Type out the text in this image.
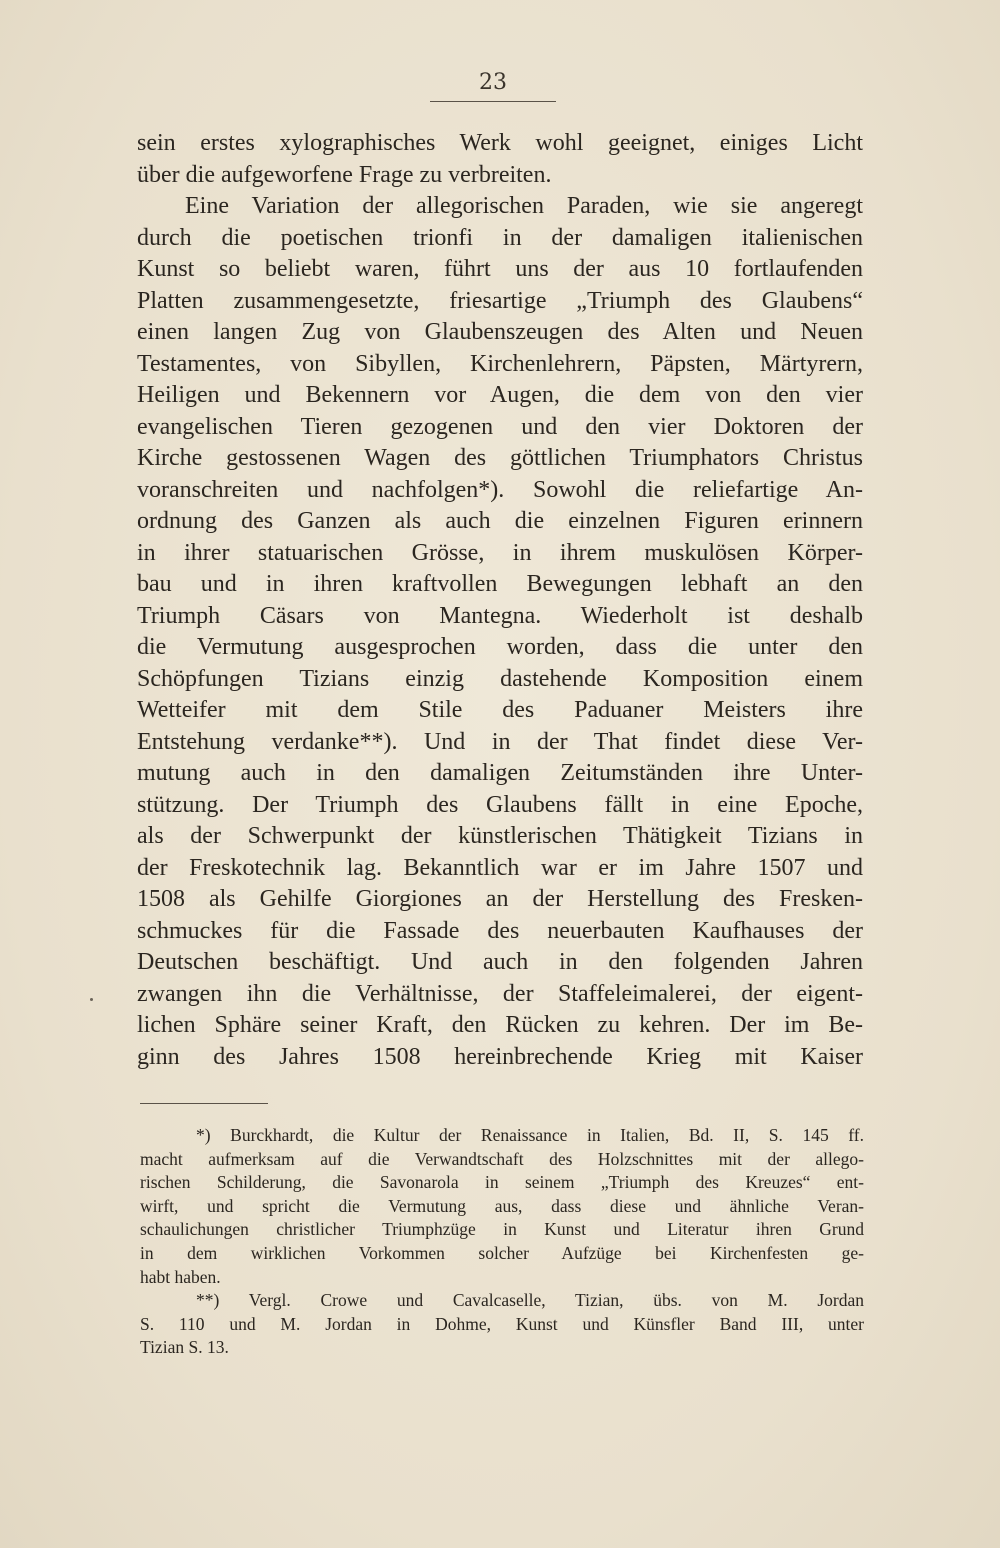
23
sein erstes xylographisches Werk wohl geeignet, einiges Licht
über die aufgeworfene Frage zu verbreiten.
Eine Variation der allegorischen Paraden, wie sie angeregt
durch die poetischen trionfi in der damaligen italienischen
Kunst so beliebt waren, führt uns der aus 10 fortlaufenden
Platten zusammengesetzte, friesartige „Triumph des Glaubens“
einen langen Zug von Glaubenszeugen des Alten und Neuen
Testamentes, von Sibyllen, Kirchenlehrern, Päpsten, Märtyrern,
Heiligen und Bekennern vor Augen, die dem von den vier
evangelischen Tieren gezogenen und den vier Doktoren der
Kirche gestossenen Wagen des göttlichen Triumphators Christus
voranschreiten und nachfolgen*). Sowohl die reliefartige An-
ordnung des Ganzen als auch die einzelnen Figuren erinnern
in ihrer statuarischen Grösse, in ihrem muskulösen Körper-
bau und in ihren kraftvollen Bewegungen lebhaft an den
Triumph Cäsars von Mantegna. Wiederholt ist deshalb
die Vermutung ausgesprochen worden, dass die unter den
Schöpfungen Tizians einzig dastehende Komposition einem
Wetteifer mit dem Stile des Paduaner Meisters ihre
Entstehung verdanke**). Und in der That findet diese Ver-
mutung auch in den damaligen Zeitumständen ihre Unter-
stützung. Der Triumph des Glaubens fällt in eine Epoche,
als der Schwerpunkt der künstlerischen Thätigkeit Tizians in
der Freskotechnik lag. Bekanntlich war er im Jahre 1507 und
1508 als Gehilfe Giorgiones an der Herstellung des Fresken-
schmuckes für die Fassade des neuerbauten Kaufhauses der
Deutschen beschäftigt. Und auch in den folgenden Jahren
zwangen ihn die Verhältnisse, der Staffeleimalerei, der eigent-
lichen Sphäre seiner Kraft, den Rücken zu kehren. Der im Be-
ginn des Jahres 1508 hereinbrechende Krieg mit Kaiser
*) Burckhardt, die Kultur der Renaissance in Italien, Bd. II, S. 145 ff.
macht aufmerksam auf die Verwandtschaft des Holzschnittes mit der allego-
rischen Schilderung, die Savonarola in seinem „Triumph des Kreuzes“ ent-
wirft, und spricht die Vermutung aus, dass diese und ähnliche Veran-
schaulichungen christlicher Triumphzüge in Kunst und Literatur ihren Grund
in dem wirklichen Vorkommen solcher Aufzüge bei Kirchenfesten ge-
habt haben.
**) Vergl. Crowe und Cavalcaselle, Tizian, übs. von M. Jordan
S. 110 und M. Jordan in Dohme, Kunst und Künsfler Band III, unter
Tizian S. 13.
